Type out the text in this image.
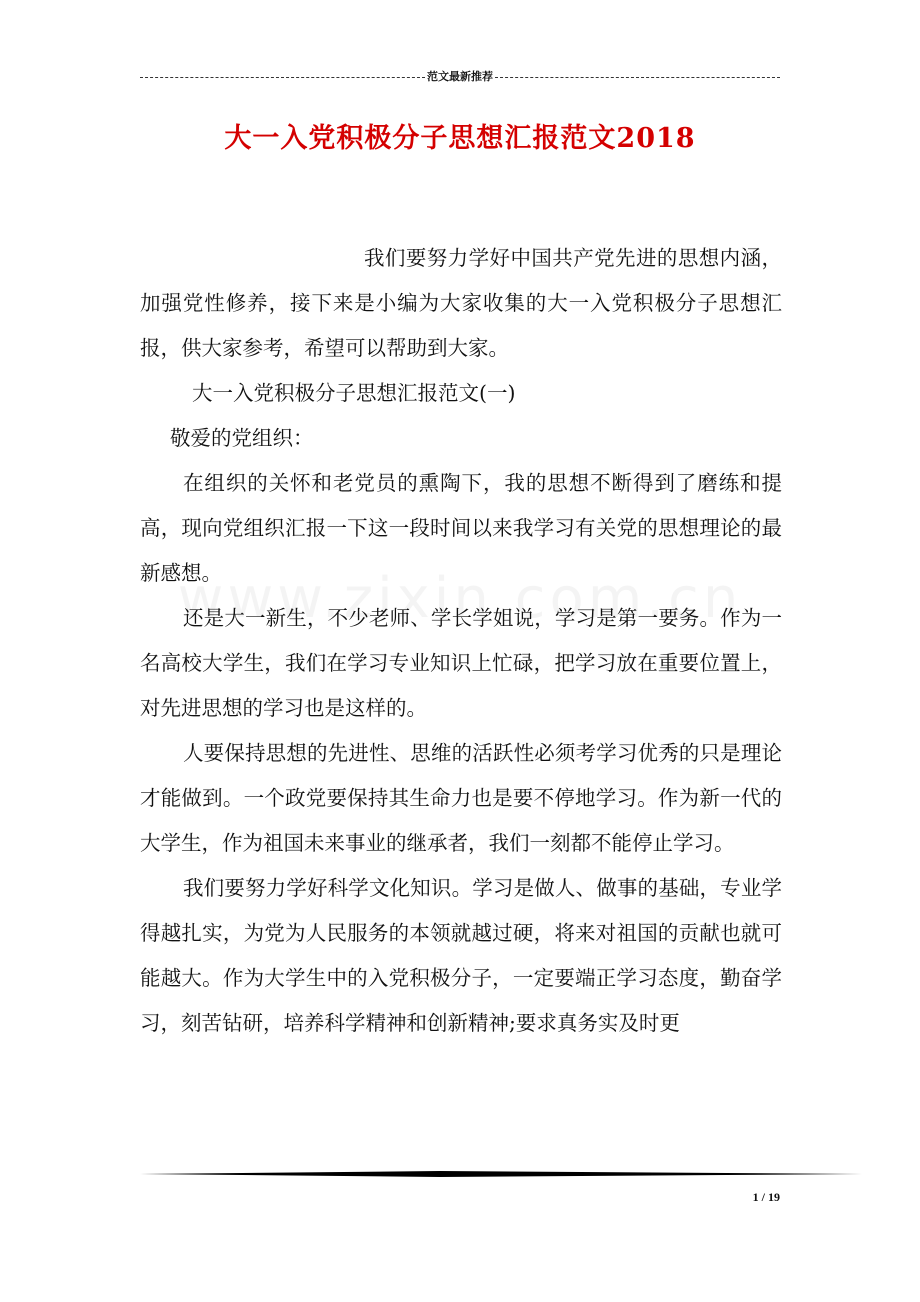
范文最新推荐
大一入党积极分子思想汇报范文2018

我们要努力学好中国共产党先进的思想内涵，加强党性修养，接下来是小编为大家收集的大一入党积极分子思想汇报，供大家参考，希望可以帮助到大家。

大一入党积极分子思想汇报范文(一)

敬爱的党组织：

在组织的关怀和老党员的熏陶下，我的思想不断得到了磨练和提高，现向党组织汇报一下这一段时间以来我学习有关党的思想理论的最新感想。

还是大一新生，不少老师、学长学姐说，学习是第一要务。作为一名高校大学生，我们在学习专业知识上忙碌，把学习放在重要位置上，对先进思想的学习也是这样的。

人要保持思想的先进性、思维的活跃性必须考学习优秀的只是理论才能做到。一个政党要保持其生命力也是要不停地学习。作为新一代的大学生，作为祖国未来事业的继承者，我们一刻都不能停止学习。

我们要努力学好科学文化知识。学习是做人、做事的基础，专业学得越扎实，为党为人民服务的本领就越过硬，将来对祖国的贡献也就可能越大。作为大学生中的入党积极分子，一定要端正学习态度，勤奋学习，刻苦钻研，培养科学精神和创新精神;要求真务实及时更

1 / 19
